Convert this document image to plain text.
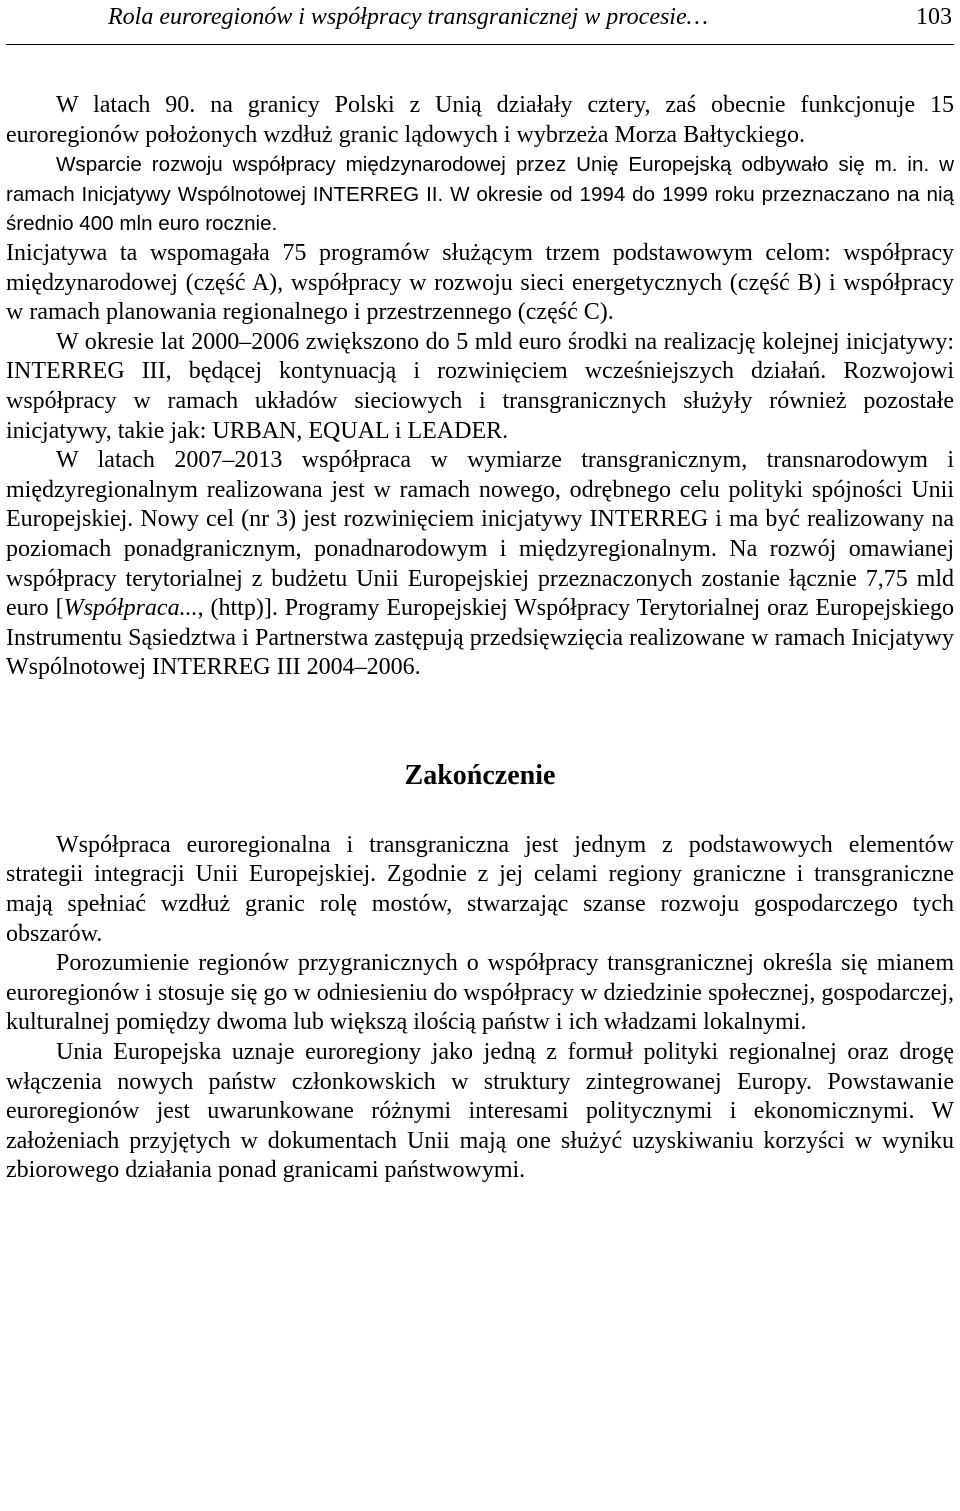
Rola euroregionów i współpracy transgranicznej w procesie…	103

W latach 90. na granicy Polski z Unią działały cztery, zaś obecnie funkcjonuje 15 euroregionów położonych wzdłuż granic lądowych i wybrzeża Morza Bałtyckiego.

Wsparcie rozwoju współpracy międzynarodowej przez Unię Europejską odbywało się m. in. w ramach Inicjatywy Wspólnotowej INTERREG II. W okresie od 1994 do 1999 roku przeznaczano na nią średnio 400 mln euro rocznie.

Inicjatywa ta wspomagała 75 programów służącym trzem podstawowym celom: współpracy międzynarodowej (część A), współpracy w rozwoju sieci energetycznych (część B) i współpracy w ramach planowania regionalnego i przestrzennego (część C).

W okresie lat 2000–2006 zwiększono do 5 mld euro środki na realizację kolejnej inicjatywy: INTERREG III, będącej kontynuacją i rozwinięciem wcześniejszych działań. Rozwojowi współpracy w ramach układów sieciowych i transgranicznych służyły również pozostałe inicjatywy, takie jak: URBAN, EQUAL i LEADER.

W latach 2007–2013 współpraca w wymiarze transgranicznym, transnarodowym i międzyregionalnym realizowana jest w ramach nowego, odrębnego celu polityki spójności Unii Europejskiej. Nowy cel (nr 3) jest rozwinięciem inicjatywy INTERREG i ma być realizowany na poziomach ponadgranicznym, ponadnarodowym i międzyregionalnym. Na rozwój omawianej współpracy terytorialnej z budżetu Unii Europejskiej przeznaczonych zostanie łącznie 7,75 mld euro [Współpraca..., (http)]. Programy Europejskiej Współpracy Terytorialnej oraz Europejskiego Instrumentu Sąsiedztwa i Partnerstwa zastępują przedsięwzięcia realizowane w ramach Inicjatywy Wspólnotowej INTERREG III 2004–2006.

Zakończenie

Współpraca euroregionalna i transgraniczna jest jednym z podstawowych elementów strategii integracji Unii Europejskiej. Zgodnie z jej celami regiony graniczne i transgraniczne mają spełniać wzdłuż granic rolę mostów, stwarzając szanse rozwoju gospodarczego tych obszarów.

Porozumienie regionów przygranicznych o współpracy transgranicznej określa się mianem euroregionów i stosuje się go w odniesieniu do współpracy w dziedzinie społecznej, gospodarczej, kulturalnej pomiędzy dwoma lub większą ilością państw i ich władzami lokalnymi.

Unia Europejska uznaje euroregiony jako jedną z formuł polityki regionalnej oraz drogę włączenia nowych państw członkowskich w struktury zintegrowanej Europy. Powstawanie euroregionów jest uwarunkowane różnymi interesami politycznymi i ekonomicznymi. W założeniach przyjętych w dokumentach Unii mają one służyć uzyskiwaniu korzyści w wyniku zbiorowego działania ponad granicami państwowymi.
